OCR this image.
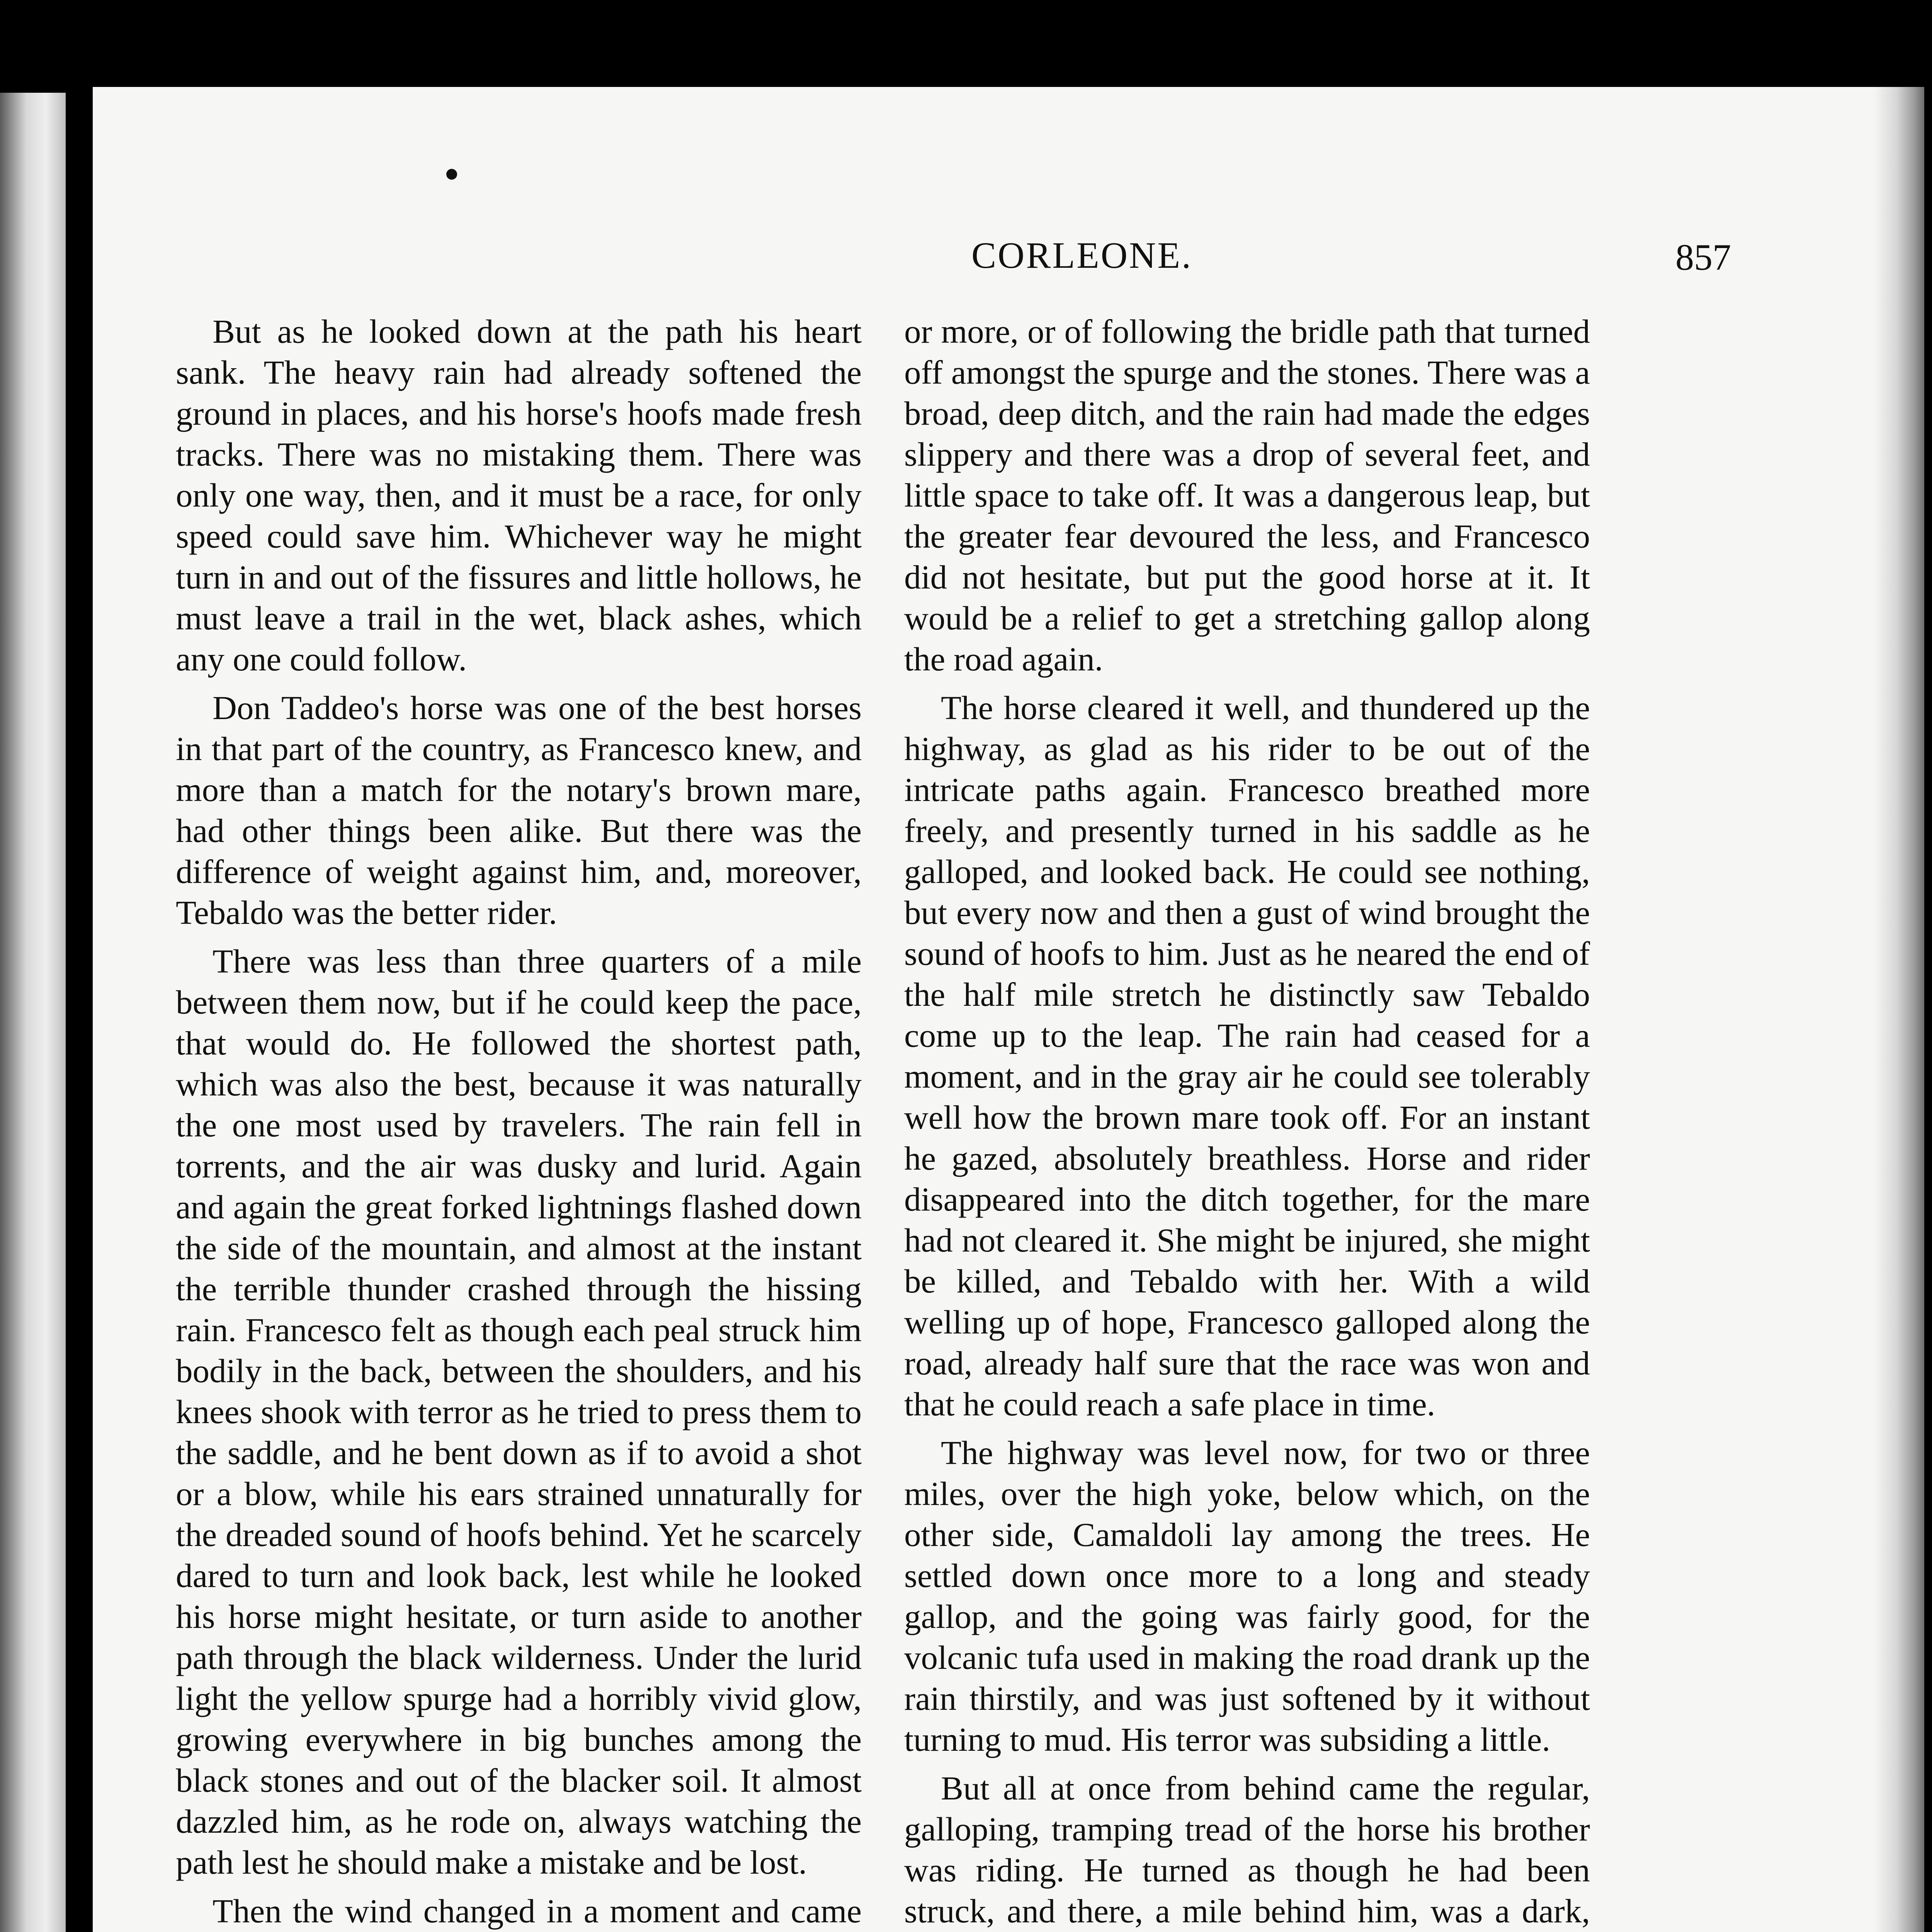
CORLEONE.	857

But as he looked down at the path his heart sank. The heavy rain had already softened the ground in places, and his horse's hoofs made fresh tracks. There was no mistaking them. There was only one way, then, and it must be a race, for only speed could save him. Whichever way he might turn in and out of the fissures and little hollows, he must leave a trail in the wet, black ashes, which any one could follow.

Don Taddeo's horse was one of the best horses in that part of the country, as Francesco knew, and more than a match for the notary's brown mare, had other things been alike. But there was the difference of weight against him, and, moreover, Tebaldo was the better rider.

There was less than three quarters of a mile between them now, but if he could keep the pace, that would do. He followed the shortest path, which was also the best, because it was naturally the one most used by travelers. The rain fell in torrents, and the air was dusky and lurid. Again and again the great forked lightnings flashed down the side of the mountain, and almost at the instant the terrible thunder crashed through the hissing rain. Francesco felt as though each peal struck him bodily in the back, between the shoulders, and his knees shook with terror as he tried to press them to the saddle, and he bent down as if to avoid a shot or a blow, while his ears strained unnaturally for the dreaded sound of hoofs behind. Yet he scarcely dared to turn and look back, lest while he looked his horse might hesitate, or turn aside to another path through the black wilderness. Under the lurid light the yellow spurge had a horribly vivid glow, growing everywhere in big bunches among the black stones and out of the blacker soil. It almost dazzled him, as he rode on, always watching the path lest he should make a mistake and be lost.

Then the wind changed in a moment and came

or more, or of following the bridle path that turned off amongst the spurge and the stones. There was a broad, deep ditch, and the rain had made the edges slippery and there was a drop of several feet, and little space to take off. It was a dangerous leap, but the greater fear devoured the less, and Francesco did not hesitate, but put the good horse at it. It would be a relief to get a stretching gallop along the road again.

The horse cleared it well, and thundered up the highway, as glad as his rider to be out of the intricate paths again. Francesco breathed more freely, and presently turned in his saddle as he galloped, and looked back. He could see nothing, but every now and then a gust of wind brought the sound of hoofs to him. Just as he neared the end of the half mile stretch he distinctly saw Tebaldo come up to the leap. The rain had ceased for a moment, and in the gray air he could see tolerably well how the brown mare took off. For an instant he gazed, absolutely breathless. Horse and rider disappeared into the ditch together, for the mare had not cleared it. She might be injured, she might be killed, and Tebaldo with her. With a wild welling up of hope, Francesco galloped along the road, already half sure that the race was won and that he could reach a safe place in time.

The highway was level now, for two or three miles, over the high yoke, below which, on the other side, Camaldoli lay among the trees. He settled down once more to a long and steady gallop, and the going was fairly good, for the volcanic tufa used in making the road drank up the rain thirstily, and was just softened by it without turning to mud. His terror was subsiding a little.

But all at once from behind came the regular, galloping, tramping tread of the horse his brother was riding. He turned as though he had been struck, and there, a mile behind him, was a dark,
